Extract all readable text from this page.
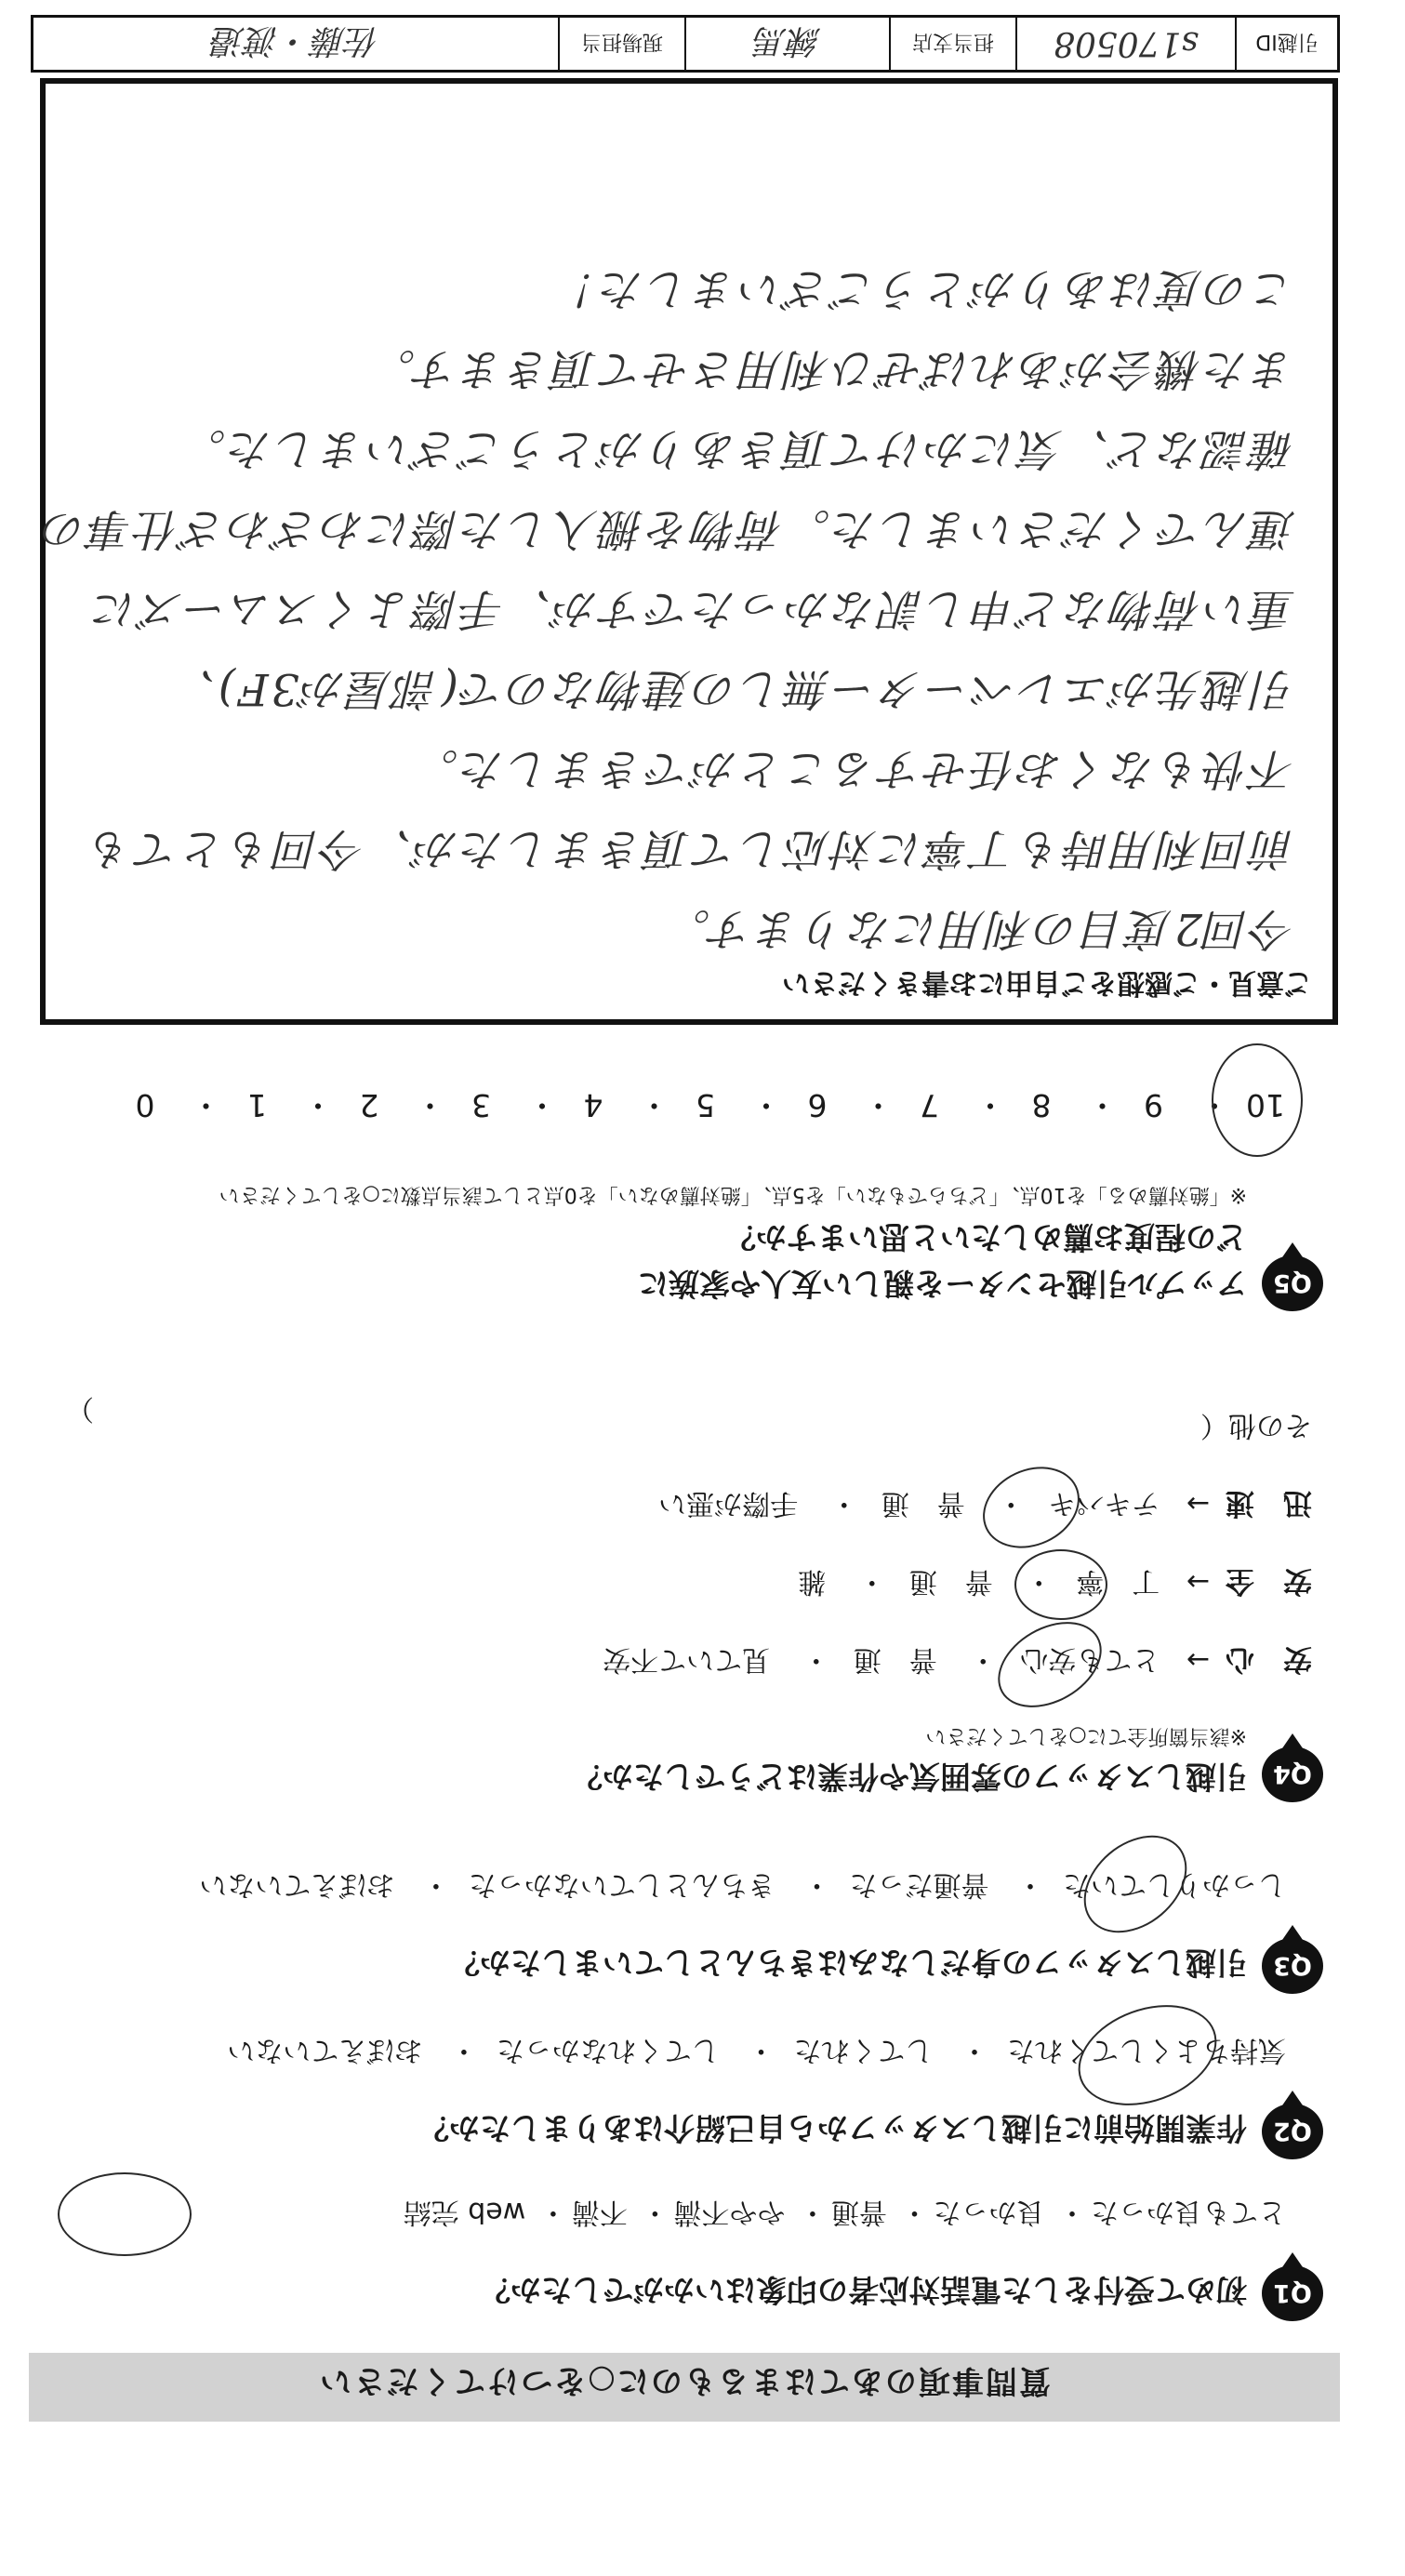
質問事項のあてはまるものに○をつけてください
Q1
初めて受付をした電話対応者の印象はいかがでしたか？
とても良かった・ 良かった・ 普通・ やや不満・ 不満・ web 完結
Q2
作業開始前に引越しスタッフから自己紹介はありましたか？
気持ちよくしてくれた・ してくれた・ してくれなかった・ おぼえていない
Q3
引越しスタッフの身だしなみはきちんとしていましたか？
しっかりしていた・ 普通だった・ きちんとしていなかった・ おぼえていない
Q4
引越しスタッフの雰囲気や作業はどうでしたか？
※該当箇所全てに○をしてください
安　心
→   とても安心・ 普　通・ 見ていて不安
安　全
→   丁　寧・ 普　通・ 雑
迅　速
→   テキパキ・ 普　通・ 手際が悪い
その他（
）
Q5
アップル引越センターを親しい友人や家族に
どの程度お薦めしたいと思いますか？
※「絶対薦める」を10点、「どちらでもない」を5点、「絶対薦めない」を0点として該当点数に○をしてください
10・ 9・ 8・ 7・ 6・ 5・ 4・ 3・ 2・ 1・ 0
ご意見・ご感想をご自由にお書きください
今回2度目の利用になります。
前回利用時も丁寧に対応して頂きましたが、今回もとても
不快もなくお任せすることができました。
引越先がエレベーター無しの建物なので(部屋が3F)、
重い荷物など申し訳なかったですが、手際よくスムーズに
運んでくださいました。荷物を搬入した際にわざわざ仕事の
確認など、気にかけて頂きありがとうございました。
また機会があればぜひ利用させて頂きます。
この度はありがとうございました！
引越ID
s170508
担当支店
練馬
現場担当
佐藤・渡邉
